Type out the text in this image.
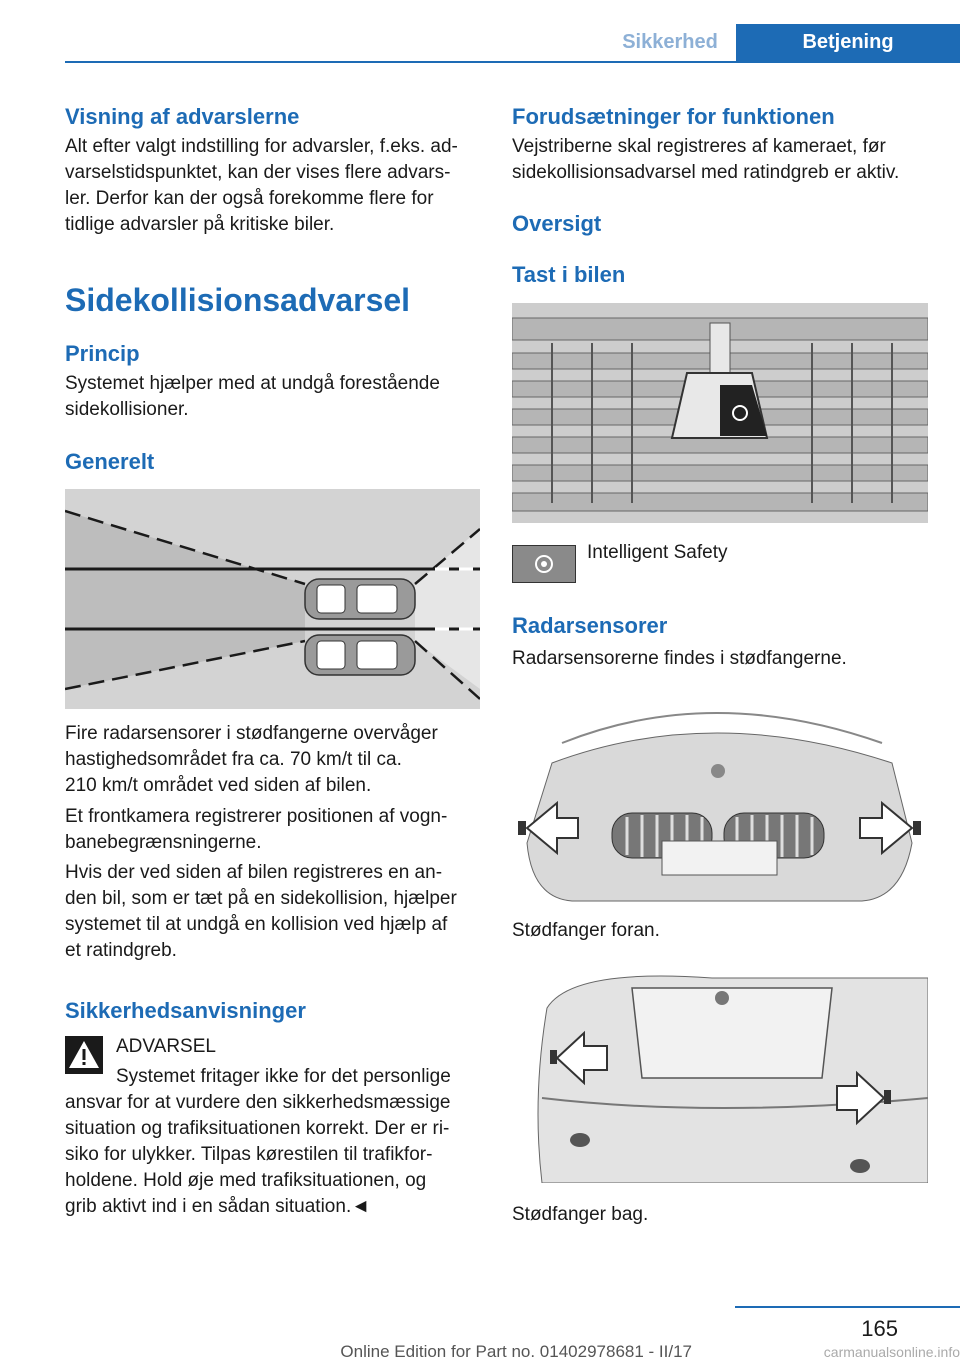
Sikkerhed	Betjening
Visning af advarslerne
Alt efter valgt indstilling for advarsler, f.eks. ad-
varselstidspunktet, kan der vises flere advars-
ler. Derfor kan der også forekomme flere for
tidlige advarsler på kritiske biler.
Sidekollisionsadvarsel
Princip
Systemet hjælper med at undgå forestående
sidekollisioner.
Generelt
Fire radarsensorer i stødfangerne overvåger
hastighedsområdet fra ca. 70 km/t til ca.
210 km/t området ved siden af bilen.
Et frontkamera registrerer positionen af vogn-
banebegrænsningerne.
Hvis der ved siden af bilen registreres en an-
den bil, som er tæt på en sidekollision, hjælper
systemet til at undgå en kollision ved hjælp af
et ratindgreb.
Sikkerhedsanvisninger
ADVARSEL
Systemet fritager ikke for det personlige
ansvar for at vurdere den sikkerhedsmæssige
situation og trafiksituationen korrekt. Der er ri-
siko for ulykker. Tilpas kørestilen til trafikfor-
holdene. Hold øje med trafiksituationen, og
grib aktivt ind i en sådan situation.◄
Forudsætninger for funktionen
Vejstriberne skal registreres af kameraet, før
sidekollisionsadvarsel med ratindgreb er aktiv.
Oversigt
Tast i bilen
Intelligent Safety
Radarsensorer
Radarsensorerne findes i stødfangerne.
Stødfanger foran.
Stødfanger bag.
165
Online Edition for Part no. 01402978681 - II/17	carmanualsonline.info
